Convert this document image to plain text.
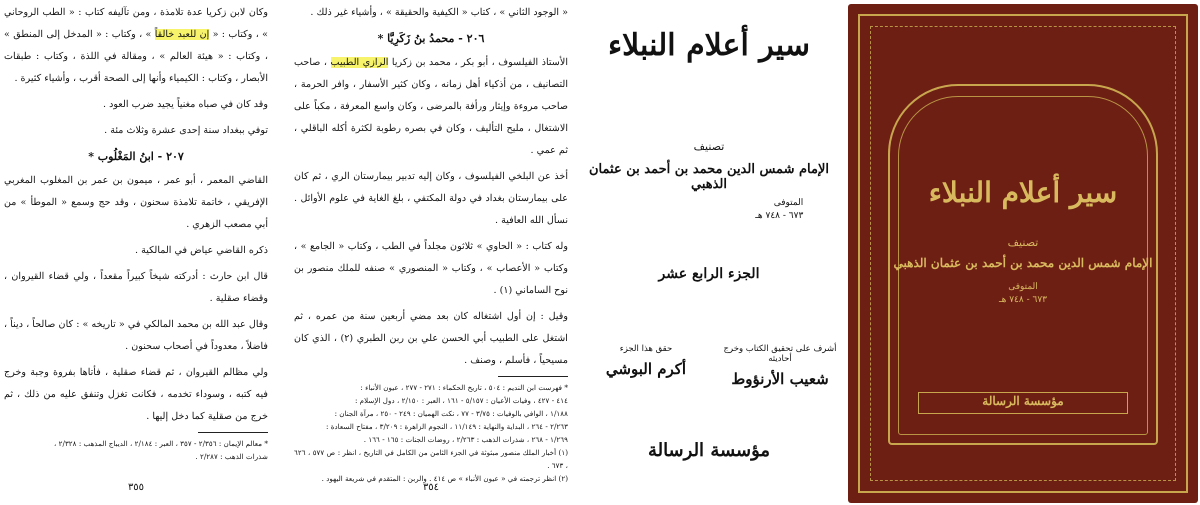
وكان لابن زكريا عدة تلامذة ، ومن تآليفه كتاب : « الطب الروحاني » ، وكتاب : « إن للعبد خالقاً » ، وكتاب : « المدخل إلى المنطق » ، وكتاب : « هيئة العالم » ، ومقالة في اللذة ، وكتاب : طبقات الأبصار ، وكتاب : الكيمياء وأنها إلى الصحة أقرب ، وأشياء كثيرة .

وقد كان في صباه مغنياً يجيد ضرب العود .

توفي ببغداد سنة إحدى عشرة وثلاث مئة .

٢٠٧ - ابنُ المَغْلُوب *

القاضي المعمر ، أبو عمر ، ميمون بن عمر بن المغلوب المغربي الإفريقي ، خاتمة تلامذة سحنون ، وقد حج وسمع « الموطأ » من أبي مصعب الزهري .

ذكره القاضي عياض في المالكية .

قال ابن حارث : أدركته شيخاً كبيراً مقعداً ، ولي قضاء القيروان ، وقضاء صقلية .

وقال عبد الله بن محمد المالكي في « تاريخه » : كان صالحاً ، ديناً ، فاضلاً ، معدوداً في أصحاب سحنون .

ولي مظالم القيروان ، ثم قضاء صقلية ، فأتاها بفروة وجبة وخرج فيه كتبه ، وسوداء تخدمه ، فكانت تغزل وتنفق عليه من ذلك ، ثم خرج من صقلية كما دخل إليها .

* معالم الإيمان : ٢/٣٥٦ - ٣٥٧ ، العبر : ٢/١٨٤ ، الديباج المذهب : ٢/٣٢٨ ،
شذرات الذهب : ٢/٢٨٧ .
٣٥٥

« الوجود الثاني » ، كتاب « الكيفية والحقيقة » ، وأشياء غير ذلك .

٢٠٦ - محمدُ بنُ زَكَرِيَّا *

الأستاذ الفيلسوف ، أبو بكر ، محمد بن زكريا الرازي الطبيب ، صاحب التصانيف ، من أذكياء أهل زمانه ، وكان كثير الأسفار ، وافر الحرمة ، صاحب مروءة وإيثار ورأفة بالمرضى ، وكان واسع المعرفة ، مكباً على الاشتغال ، مليح التأليف ، وكان في بصره رطوبة لكثرة أكله الباقلي ، ثم عمي .

أخذ عن البلخي الفيلسوف ، وكان إليه تدبير بيمارستان الري ، ثم كان على بيمارستان بغداد في دولة المكتفي ، بلغ الغاية في علوم الأوائل . نسأل الله العافية .

وله كتاب : « الحاوي » ثلاثون مجلداً في الطب ، وكتاب « الجامع » ، وكتاب « الأعصاب » ، وكتاب « المنصوري » صنفه للملك منصور بن نوح الساماني (١) .

وقيل : إن أول اشتغاله كان بعد مضي أربعين سنة من عمره ، ثم اشتغل على الطبيب أبي الحسن علي بن ربن الطبري (٢) ، الذي كان مسيحياً ، فأسلم ، وصنف .

* فهرست ابن النديم : ٥٠٤ ، تاريخ الحكماء : ٢٧١ - ٢٧٧ ، عيون الأنباء :
٤١٤ - ٤٢٧ ، وفيات الأعيان : ٥/١٥٧ - ١٦١ ، العبر : ٢/١٥٠ ، دول الإسلام :
١/١٨٨ ، الوافي بالوفيات : ٣/٧٥ - ٧٧ ، نكت الهميان : ٢٤٩ - ٢٥٠ ، مرآة الجنان :
٢/٢٦٣ - ٢٦٤ ، البداية والنهاية : ١١/١٤٩ ، النجوم الزاهرة : ٣/٢٠٩ ، مفتاح السعادة :
١/٢٦٩ - ٢٦٨ ، شذرات الذهب : ٢/٢٦٣ ، روضات الجنات : ١٦٥ - ١٦٦ .
(١) أخبار الملك منصور مبثوثة في الجزء الثامن من الكامل في التاريخ ، انظر : ص ٥٧٧ ، ٦٢٦ ، ٦٧٣ .
(٢) انظر ترجمته في « عيون الأنباء » ص ٤١٤ . والربن : المتقدم في شريعة اليهود .
٣٥٤
سير أعلام النبلاء
تصنيف
الإمام شمس الدين محمد بن أحمد بن عثمان الذهبي
المتوفى
٦٧٣ - ٧٤٨ هـ
الجزء الرابع عشر
أشرف على تحقيق الكتاب وخرج أحاديثه
شعيب الأرنؤوط
حقق هذا الجزء
أكرم البوشي
مؤسسة الرسالة
سير أعلام النبلاء
تصنيف
الإمام شمس الدين محمد بن أحمد بن عثمان الذهبي
المتوفى
٦٧٣ - ٧٤٨ هـ
مؤسسة الرسالة
